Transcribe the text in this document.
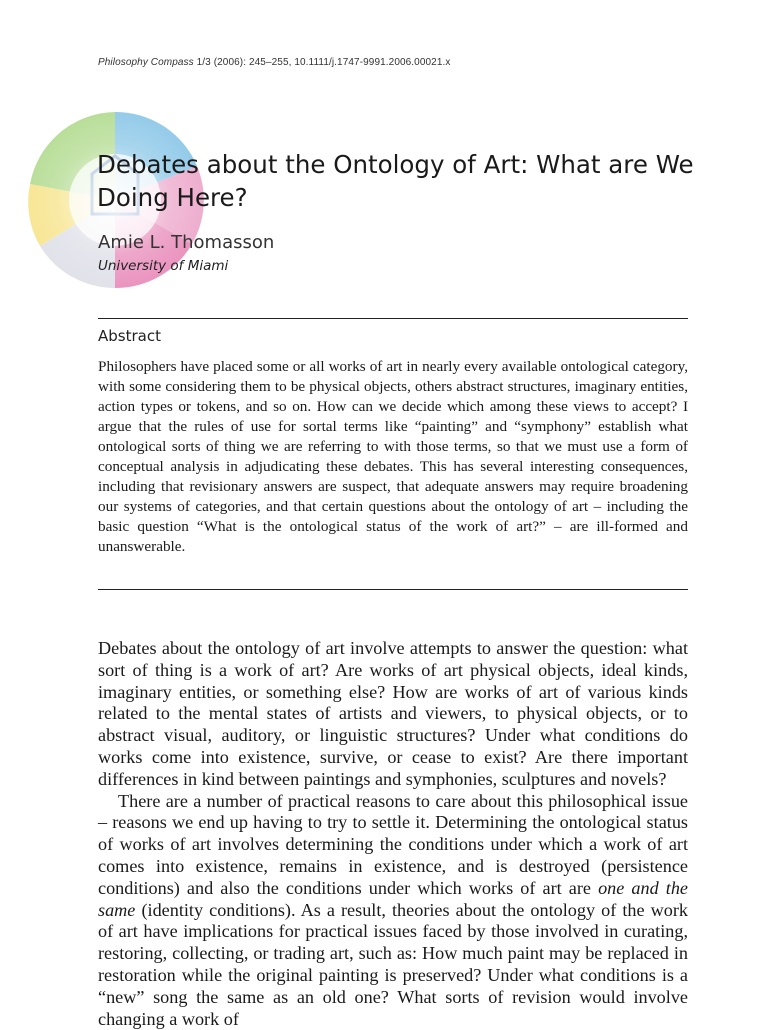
Philosophy Compass 1/3 (2006): 245–255, 10.1111/j.1747-9991.2006.00021.x
Debates about the Ontology of Art: What are We Doing Here?
Amie L. Thomasson
University of Miami
Abstract

Philosophers have placed some or all works of art in nearly every available ontological category, with some considering them to be physical objects, others abstract structures, imaginary entities, action types or tokens, and so on. How can we decide which among these views to accept? I argue that the rules of use for sortal terms like “painting” and “symphony” establish what ontological sorts of thing we are referring to with those terms, so that we must use a form of conceptual analysis in adjudicating these debates. This has several interesting consequences, including that revisionary answers are suspect, that adequate answers may require broadening our systems of categories, and that certain questions about the ontology of art – including the basic question “What is the ontological status of the work of art?” – are ill-formed and unanswerable.

Debates about the ontology of art involve attempts to answer the question: what sort of thing is a work of art? Are works of art physical objects, ideal kinds, imaginary entities, or something else? How are works of art of various kinds related to the mental states of artists and viewers, to physical objects, or to abstract visual, auditory, or linguistic structures? Under what conditions do works come into existence, survive, or cease to exist? Are there important differences in kind between paintings and symphonies, sculptures and novels?

There are a number of practical reasons to care about this philosophical issue – reasons we end up having to try to settle it. Determining the ontological status of works of art involves determining the conditions under which a work of art comes into existence, remains in existence, and is destroyed (persistence conditions) and also the conditions under which works of art are one and the same (identity conditions). As a result, theories about the ontology of the work of art have implications for practical issues faced by those involved in curating, restoring, collecting, or trading art, such as: How much paint may be replaced in restoration while the original painting is preserved? Under what conditions is a “new” song the same as an old one? What sorts of revision would involve changing a work of
